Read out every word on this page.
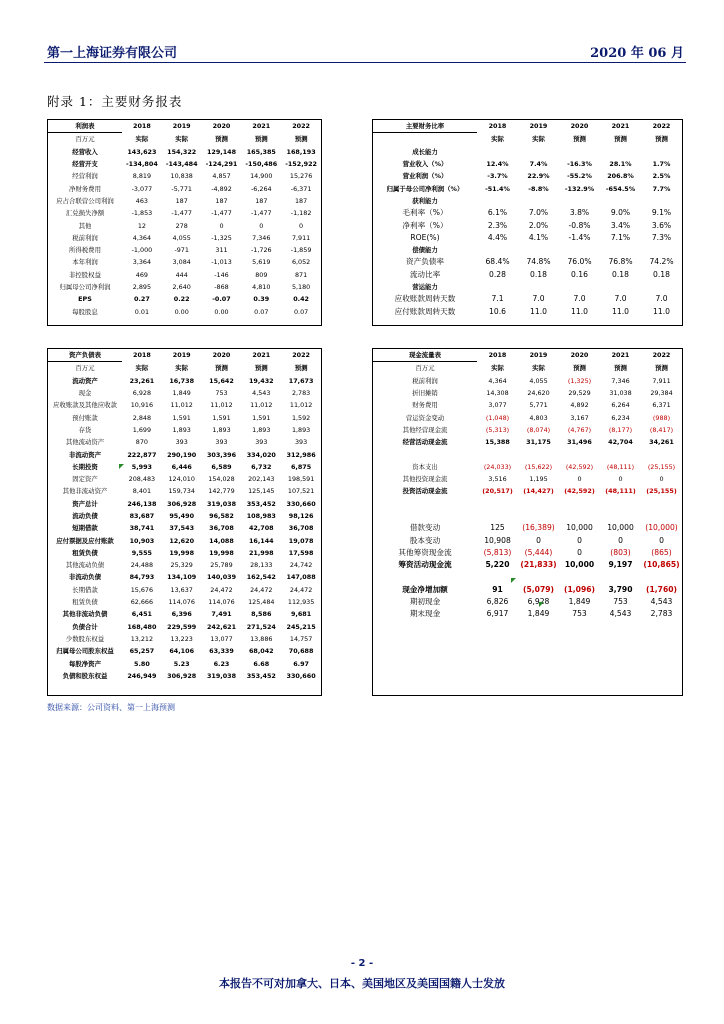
第一上海证券有限公司	2020 年 06 月
附录 1：主要财务报表
利润表	2018	2019	2020	2021	2022
百万元	实际	实际	预测	预测	预测
经营收入	143,623	154,322	129,148	165,385	168,193
经营开支	-134,804	-143,484	-124,291	-150,486	-152,922
经营利润	8,819	10,838	4,857	14,900	15,276
净财务费用	-3,077	-5,771	-4,892	-6,264	-6,371
应占合联营公司利润	463	187	187	187	187
汇兑损失净额	-1,853	-1,477	-1,477	-1,477	-1,182
其他	12	278	0	0	0
税前利润	4,364	4,055	-1,325	7,346	7,911
所得税费用	-1,000	-971	311	-1,726	-1,859
本年利润	3,364	3,084	-1,013	5,619	6,052
非控股权益	469	444	-146	809	871
归属母公司净利润	2,895	2,640	-868	4,810	5,180
EPS	0.27	0.22	-0.07	0.39	0.42
每股股息	0.01	0.00	0.00	0.07	0.07
主要财务比率	2018	2019	2020	2021	2022
	实际	实际	预测	预测	预测
成长能力					
营业收入（%）	12.4%	7.4%	-16.3%	28.1%	1.7%
营业利润（%）	-3.7%	22.9%	-55.2%	206.8%	2.5%
归属于母公司净利润（%）	-51.4%	-8.8%	-132.9%	-654.5%	7.7%
获利能力					
毛利率（%）	6.1%	7.0%	3.8%	9.0%	9.1%
净利率（%）	2.3%	2.0%	-0.8%	3.4%	3.6%
ROE(%)	4.4%	4.1%	-1.4%	7.1%	7.3%
偿债能力					
资产负债率	68.4%	74.8%	76.0%	76.8%	74.2%
流动比率	0.28	0.18	0.16	0.18	0.18
营运能力					
应收账款周转天数	7.1	7.0	7.0	7.0	7.0
应付账款周转天数	10.6	11.0	11.0	11.0	11.0
资产负债表	2018	2019	2020	2021	2022
百万元	实际	实际	预测	预测	预测
流动资产	23,261	16,738	15,642	19,432	17,673
现金	6,928	1,849	753	4,543	2,783
应收账款及其他应收款	10,916	11,012	11,012	11,012	11,012
预付账款	2,848	1,591	1,591	1,591	1,592
存货	1,699	1,893	1,893	1,893	1,893
其他流动资产	870	393	393	393	393
非流动资产	222,877	290,190	303,396	334,020	312,986
长期投资	5,993	6,446	6,589	6,732	6,875
固定资产	208,483	124,010	154,028	202,143	198,591
其他非流动资产	8,401	159,734	142,779	125,145	107,521
资产总计	246,138	306,928	319,038	353,452	330,660
流动负债	83,687	95,490	96,582	108,983	98,126
短期借款	38,741	37,543	36,708	42,708	36,708
应付票据及应付账款	10,903	12,620	14,088	16,144	19,078
租赁负债	9,555	19,998	19,998	21,998	17,598
其他流动负债	24,488	25,329	25,789	28,133	24,742
非流动负债	84,793	134,109	140,039	162,542	147,088
长期借款	15,676	13,637	24,472	24,472	24,472
租赁负债	62,666	114,076	114,076	125,484	112,935
其他非流动负债	6,451	6,396	7,491	8,586	9,681
负债合计	168,480	229,599	242,621	271,524	245,215
少数股东权益	13,212	13,223	13,077	13,886	14,757
归属母公司股东权益	65,257	64,106	63,339	68,042	70,688
每股净资产	5.80	5.23	6.23	6.68	6.97
负债和股东权益	246,949	306,928	319,038	353,452	330,660
现金流量表	2018	2019	2020	2021	2022
百万元	实际	实际	预测	预测	预测
税前利润	4,364	4,055	(1,325)	7,346	7,911
折旧摊销	14,308	24,620	29,529	31,038	29,384
财务费用	3,077	5,771	4,892	6,264	6,371
营运资金变动	(1,048)	4,803	3,167	6,234	(988)
其他经营现金流	(5,313)	(8,074)	(4,767)	(8,177)	(8,417)
经营活动现金流	15,388	31,175	31,496	42,704	34,261

资本支出	(24,033)	(15,622)	(42,592)	(48,111)	(25,155)
其他投资现金流	3,516	1,195	0	0	0
投资活动现金流	(20,517)	(14,427)	(42,592)	(48,111)	(25,155)

借款变动	125	(16,389)	10,000	10,000	(10,000)
股本变动	10,908	0	0	0	0
其他筹资现金流	(5,813)	(5,444)	0	(803)	(865)
筹资活动现金流	5,220	(21,833)	10,000	9,197	(10,865)

现金净增加额	91	(5,079)	(1,096)	3,790	(1,760)
期初现金	6,826	6,928	1,849	753	4,543
期末现金	6,917	1,849	753	4,543	2,783
数据来源：公司资料、第一上海预测
- 2 -
本报告不可对加拿大、日本、美国地区及美国国籍人士发放
